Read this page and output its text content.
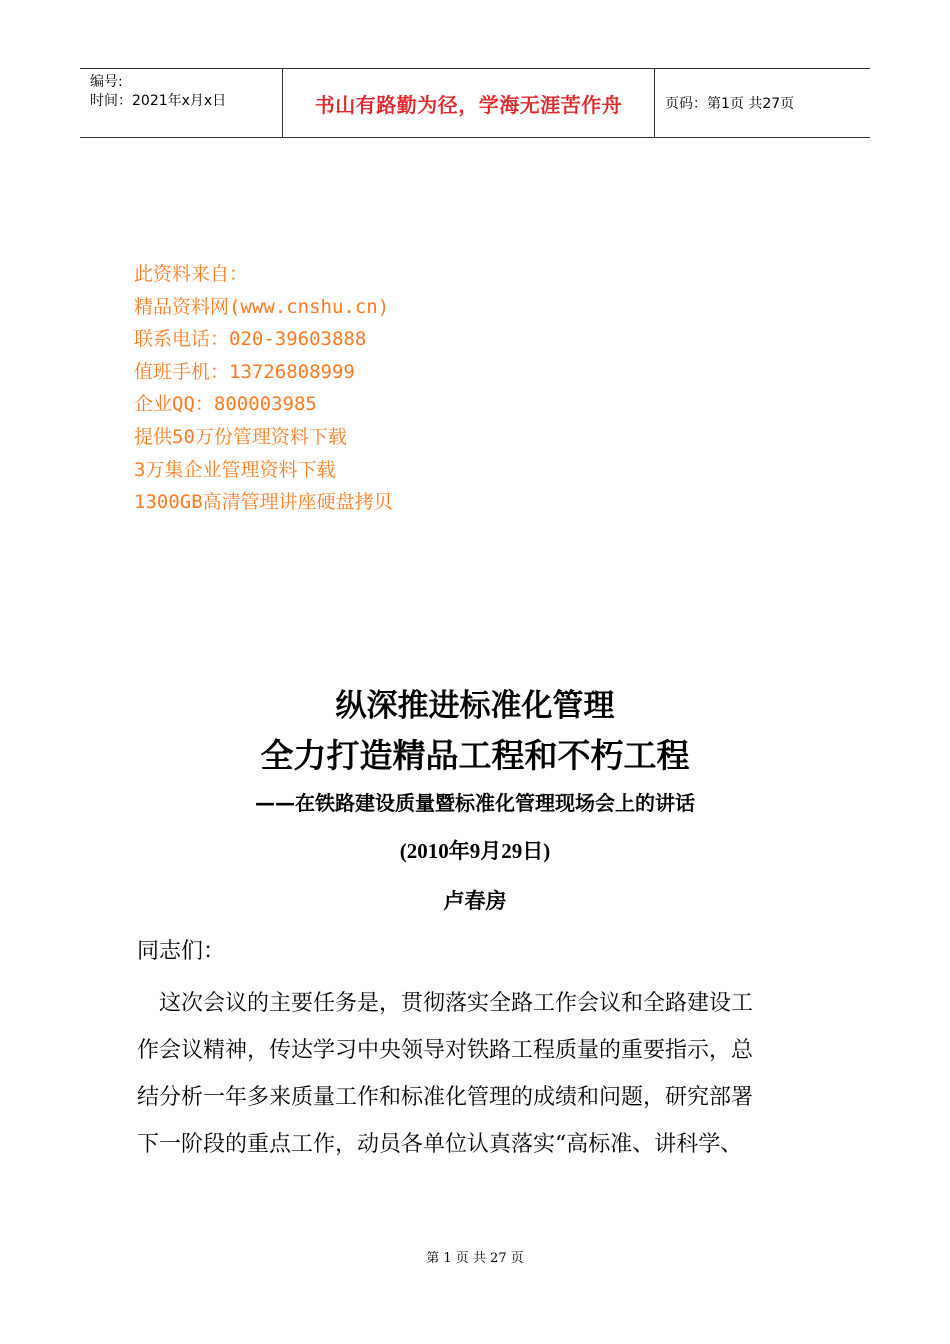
编号:
时间：2021年x月x日	书山有路勤为径，学海无涯苦作舟	页码：第1页 共27页
此资料来自：
精品资料网(www.cnshu.cn)
联系电话：020-39603888
值班手机：13726808999
企业QQ：800003985
提供50万份管理资料下载
3万集企业管理资料下载
1300GB高清管理讲座硬盘拷贝
纵深推进标准化管理
全力打造精品工程和不朽工程
——在铁路建设质量暨标准化管理现场会上的讲话
(2010年9月29日)
卢春房
同志们：
　这次会议的主要任务是，贯彻落实全路工作会议和全路建设工
作会议精神，传达学习中央领导对铁路工程质量的重要指示，总
结分析一年多来质量工作和标准化管理的成绩和问题，研究部署
下一阶段的重点工作，动员各单位认真落实“高标准、讲科学、
第 1 页 共 27 页
